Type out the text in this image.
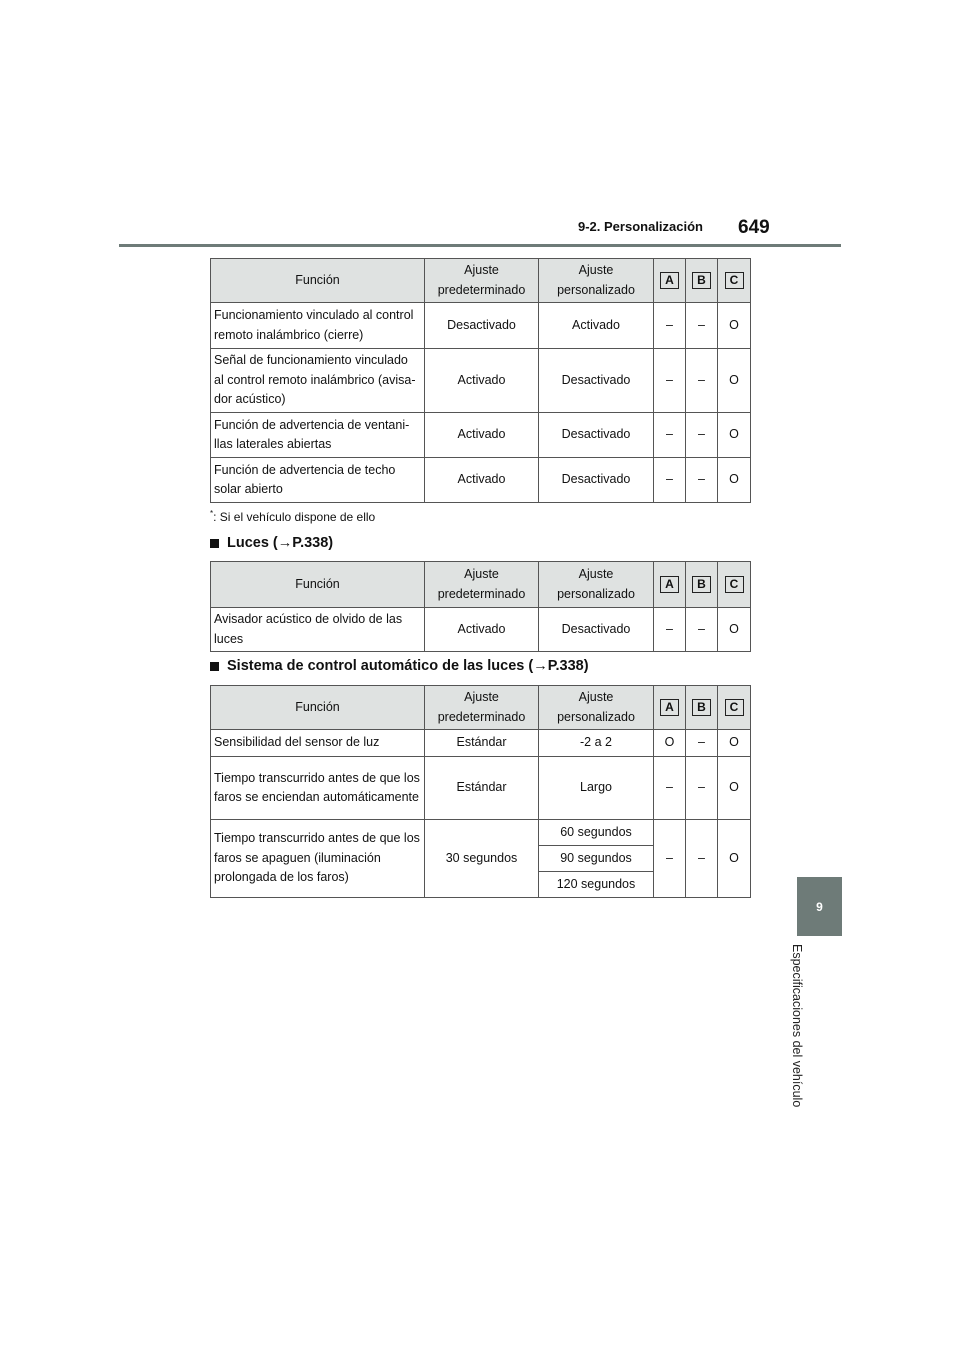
9-2. Personalización 649
9
Especificaciones del vehículo
Función	Ajuste predeterminado	Ajuste personalizado	A	B	C
Funcionamiento vinculado al control remoto inalámbrico (cierre)	Desactivado	Activado	–	–	O
Señal de funcionamiento vinculado al control remoto inalámbrico (avisador acústico)	Activado	Desactivado	–	–	O
Función de advertencia de ventanillas laterales abiertas	Activado	Desactivado	–	–	O
Función de advertencia de techo solar abierto	Activado	Desactivado	–	–	O
*: Si el vehículo dispone de ello
Luces (→P.338)
Función	Ajuste predeterminado	Ajuste personalizado	A	B	C
Avisador acústico de olvido de las luces	Activado	Desactivado	–	–	O
Sistema de control automático de las luces (→P.338)
Función	Ajuste predeterminado	Ajuste personalizado	A	B	C
Sensibilidad del sensor de luz	Estándar	-2 a 2	O	–	O
Tiempo transcurrido antes de que los faros se enciendan automáticamente	Estándar	Largo	–	–	O
Tiempo transcurrido antes de que los faros se apaguen (iluminación prolongada de los faros)	30 segundos	60 segundos	–	–	O
		90 segundos			
		120 segundos			
